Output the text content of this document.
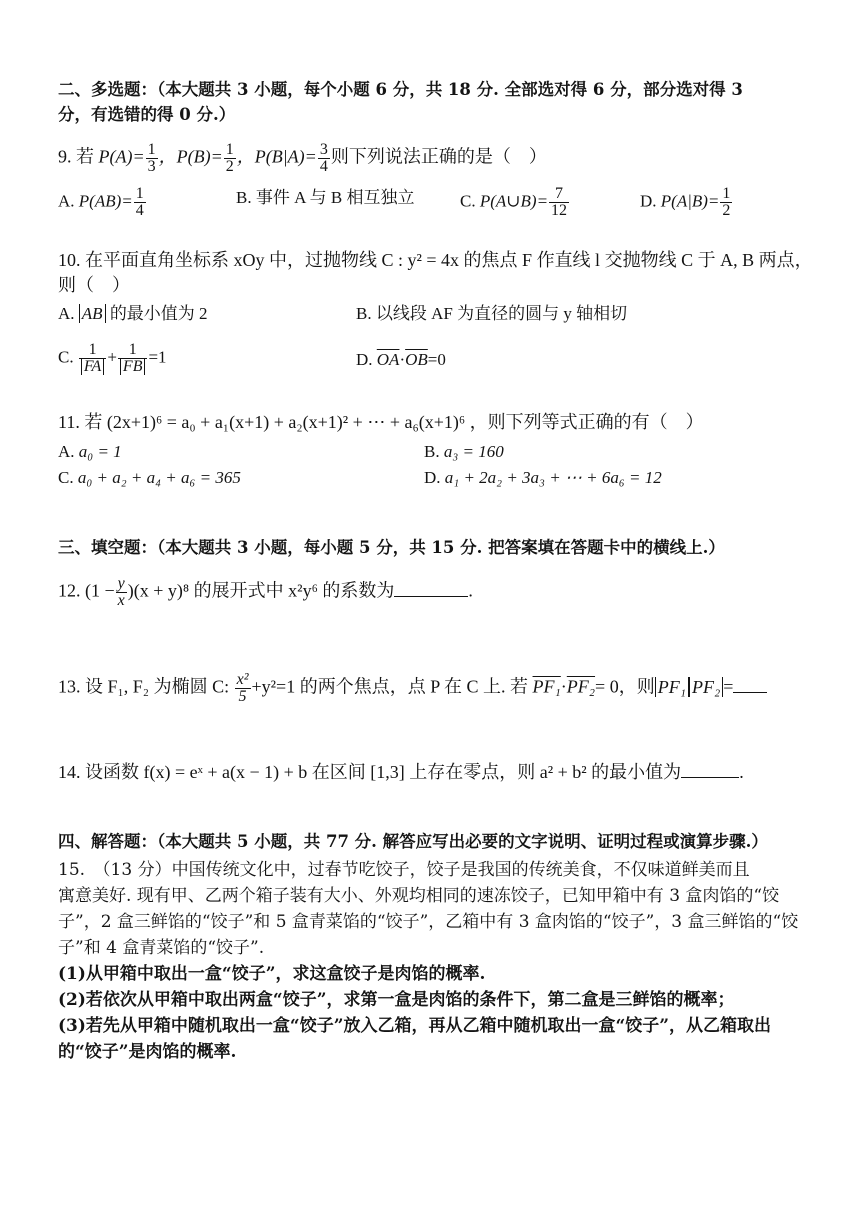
二、多选题：（本大题共 3 小题，每个小题 6 分，共 18 分. 全部选对得 6 分，部分选对得 3
分，有选错的得 0 分.）
9. 若 $P(A)= \frac{1}{3}$ ，$P(B)= \frac{1}{2}$ ，$P(B|A)= \frac{3}{4}$ 则下列说法正确的是（　）
A. $P(AB)= \frac{1}{4}$	B. 事件 A 与 B 相互独立	C. P(A∪B)= $\frac{7}{12}$	D. $P(A|B)= \frac{1}{2}$
10. 在平面直角坐标系 xOy 中，过抛物线 C : y² = 4x 的焦点 F 作直线 l 交抛物线 C 于 A, B 两点，
则（　）
A. AB 的最小值为 2	B. 以线段 AF 为直径的圆与 y 轴相切
C. $\frac{1}{FA} + \frac{1}{FB} =1$	D. $\overline{OA}\cdot\overline{OB}=0$
11. 若 (2x+1)⁶ = a₀ + a₁(x+1) + a₂(x+1)² + ⋯ + a₆(x+1)⁶ ，则下列等式正确的有（　）
A. a₀ = 1	B. a₃ = 160
C. a₀ + a₂ + a₄ + a₆ = 365	D. a₁ + 2a₂ + 3a₃ + ⋯ + 6a₆ = 12
三、填空题：（本大题共 3 小题，每小题 5 分，共 15 分. 把答案填在答题卡中的横线上.）
12. $(1 - \frac{y}{x} )(x + y)^8$ 的展开式中 x²y⁶ 的系数为	.
13. 设 F₁, F₂ 为椭圆 C: $\frac{\text{x²}}{5} +y^2=1$ 的两个焦点，点 P 在 C 上. 若 PF₁·PF₂= 0，则 PF₁ PF₂ =
14. 设函数 f(x) = eˣ + a(x − 1) + b 在区间 [1,3] 上存在零点，则 a² + b² 的最小值为	.
四、解答题：（本大题共 5 小题，共 77 分. 解答应写出必要的文字说明、证明过程或演算步骤.）
15.　（13 分）中国传统文化中，过春节吃饺子，饺子是我国的传统美食，不仅味道鲜美而且
寓意美好. 现有甲、乙两个箱子装有大小、外观均相同的速冻饺子，已知甲箱中有 3 盒肉馅的“饺
子”，2 盒三鲜馅的“饺子”和 5 盒青菜馅的“饺子”，乙箱中有 3 盒肉馅的“饺子”，3 盒三鲜馅的“饺
子”和 4 盒青菜馅的“饺子”.
(1)从甲箱中取出一盒“饺子”，求这盒饺子是肉馅的概率.
(2)若依次从甲箱中取出两盒“饺子”，求第一盒是肉馅的条件下，第二盒是三鲜馅的概率；
(3)若先从甲箱中随机取出一盒“饺子”放入乙箱，再从乙箱中随机取出一盒“饺子”，从乙箱取出
的“饺子”是肉馅的概率.
